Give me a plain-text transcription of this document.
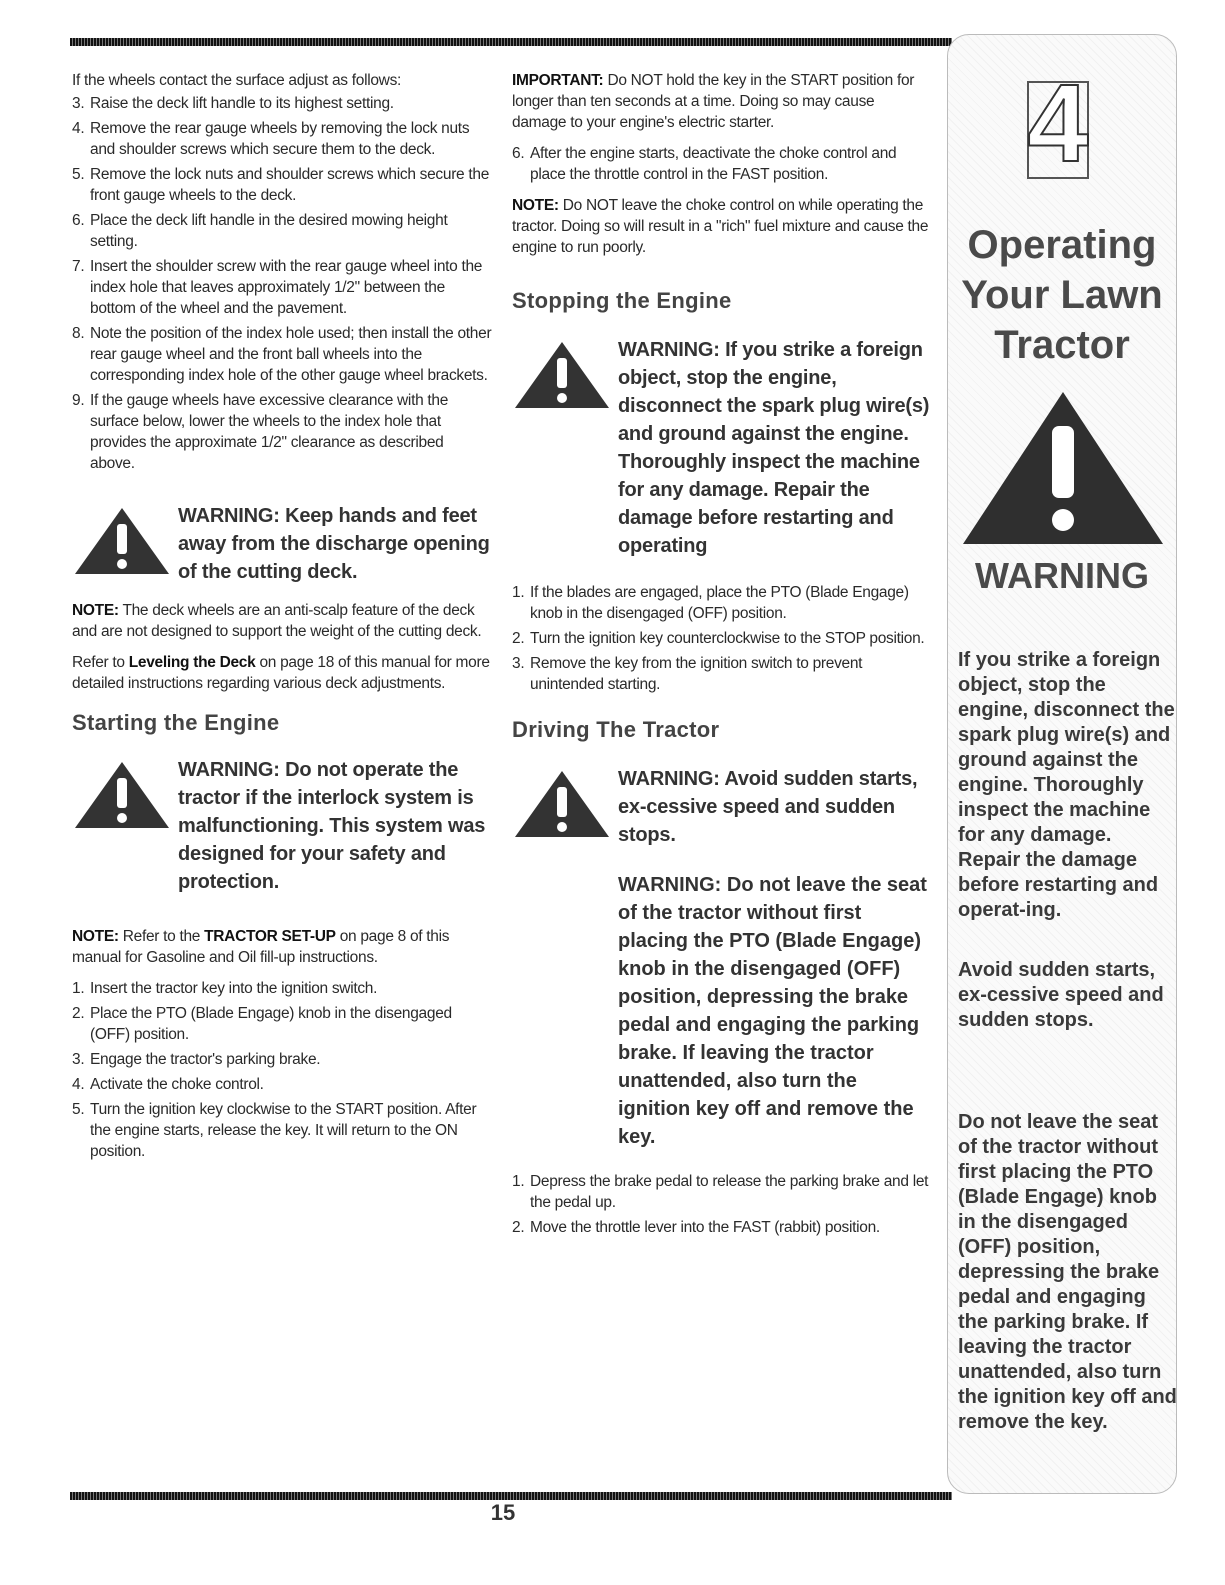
If the wheels contact the surface adjust as follows:

3. Raise the deck lift handle to its highest setting.
4. Remove the rear gauge wheels by removing the lock nuts and shoulder screws which secure them to the deck.
5. Remove the lock nuts and shoulder screws which secure the front gauge wheels to the deck.
6. Place the deck lift handle in the desired mowing height setting.
7. Insert the shoulder screw with the rear gauge wheel into the index hole that leaves approximately 1/2" between the bottom of the wheel and the pavement.
8. Note the position of the index hole used; then install the other rear gauge wheel and the front ball wheels into the corresponding index hole of the other gauge wheel brackets.
9. If the gauge wheels have excessive clearance with the surface below, lower the wheels to the index hole that provides the approximate 1/2" clearance as described above.

WARNING: Keep hands and feet away from the discharge opening of the cutting deck.

NOTE: The deck wheels are an anti-scalp feature of the deck and are not designed to support the weight of the cutting deck.

Refer to Leveling the Deck on page 18 of this manual for more detailed instructions regarding various deck adjustments.

Starting the Engine

WARNING: Do not operate the tractor if the interlock system is malfunctioning. This system was designed for your safety and protection.

NOTE: Refer to the TRACTOR SET-UP on page 8 of this manual for Gasoline and Oil fill-up instructions.

1. Insert the tractor key into the ignition switch.
2. Place the PTO (Blade Engage) knob in the disengaged (OFF) position.
3. Engage the tractor's parking brake.
4. Activate the choke control.
5. Turn the ignition key clockwise to the START position. After the engine starts, release the key. It will return to the ON position.

IMPORTANT: Do NOT hold the key in the START position for longer than ten seconds at a time. Doing so may cause damage to your engine's electric starter.

6. After the engine starts, deactivate the choke control and place the throttle control in the FAST position.

NOTE: Do NOT leave the choke control on while operating the tractor. Doing so will result in a "rich" fuel mixture and cause the engine to run poorly.

Stopping the Engine

WARNING: If you strike a foreign object, stop the engine, disconnect the spark plug wire(s) and ground against the engine. Thoroughly inspect the machine for any damage. Repair the damage before restarting and operating

1. If the blades are engaged, place the PTO (Blade Engage) knob in the disengaged (OFF) position.
2. Turn the ignition key counterclockwise to the STOP position.
3. Remove the key from the ignition switch to prevent unintended starting.
Driving The Tractor

WARNING: Avoid sudden starts, ex-cessive speed and sudden stops.

WARNING: Do not leave the seat of the tractor without first placing the PTO (Blade Engage) knob in the disengaged (OFF) position, depressing the brake pedal and engaging the parking brake. If leaving the tractor unattended, also turn the ignition key off and remove the key.

1. Depress the brake pedal to release the parking brake and let the pedal up.
2. Move the throttle lever into the FAST (rabbit) position.
4
Operating
Your Lawn
Tractor
WARNING

If you strike a foreign object, stop the engine, disconnect the spark plug wire(s) and ground against the engine. Thoroughly inspect the machine for any damage. Repair the damage before restarting and operat-ing.

Avoid sudden starts, ex-cessive speed and sudden stops.

Do not leave the seat of the tractor without first placing the PTO (Blade Engage) knob in the disengaged (OFF) position, depressing the brake pedal and engaging the parking brake. If leaving the tractor unattended, also turn the ignition key off and remove the key.

15
